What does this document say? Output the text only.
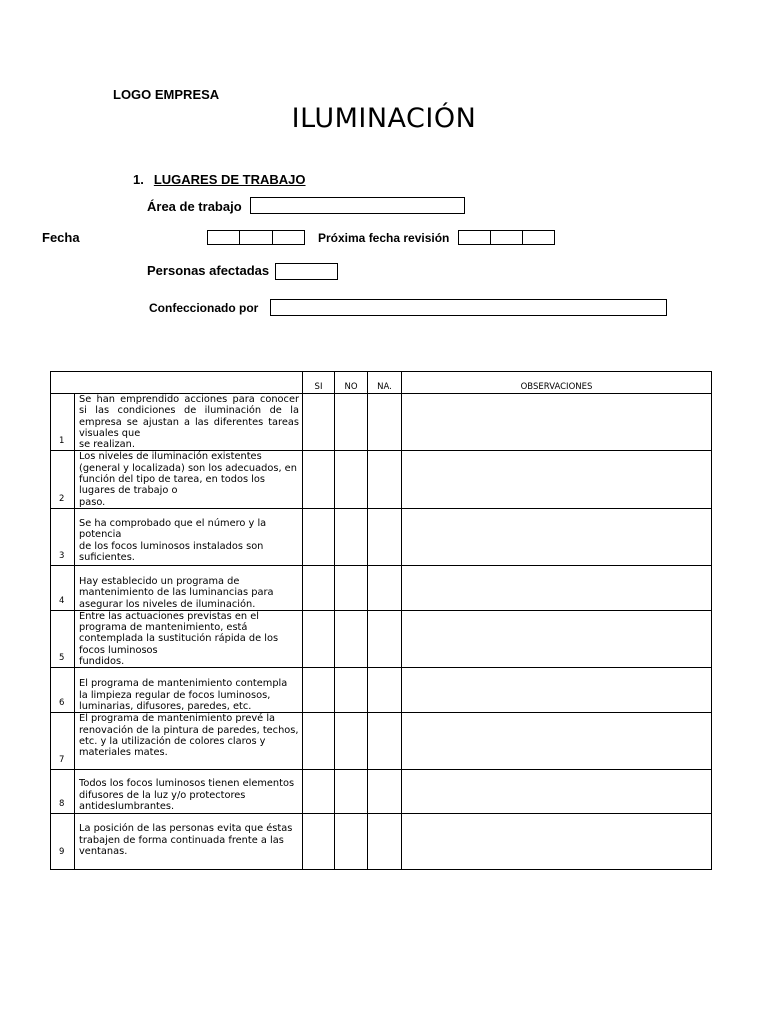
LOGO EMPRESA
ILUMINACIÓN
1. LUGARES DE TRABAJO
Área de trabajo
Fecha	Próxima fecha revisión
Personas afectadas
Confeccionado por
		SI	NO	NA.	OBSERVACIONES
1	Se han emprendido acciones para conocer si las condiciones de iluminación de la empresa se ajustan a las diferentes tareas visuales que
se realizan.				

2	Los niveles de iluminación existentes (general y localizada) son los adecuados, en función del tipo de tarea, en todos los lugares de trabajo o
paso.				

3	Se ha comprobado que el número y la potencia
de los focos luminosos instalados son suficientes.				

4	Hay establecido un programa de mantenimiento de las luminancias para asegurar los niveles de iluminación.				

5	Entre las actuaciones previstas en el programa de mantenimiento, está contemplada la sustitución rápida de los focos luminosos
fundidos.				

6	El programa de mantenimiento contempla la limpieza regular de focos luminosos, luminarias, difusores, paredes, etc.				

7	El programa de mantenimiento prevé la renovación de la pintura de paredes, techos, etc. y la utilización de colores claros y
materiales mates.				

8	Todos los focos luminosos tienen elementos difusores de la luz y/o protectores antideslumbrantes.				

9	La posición de las personas evita que éstas
trabajen de forma continuada frente a las ventanas.				
